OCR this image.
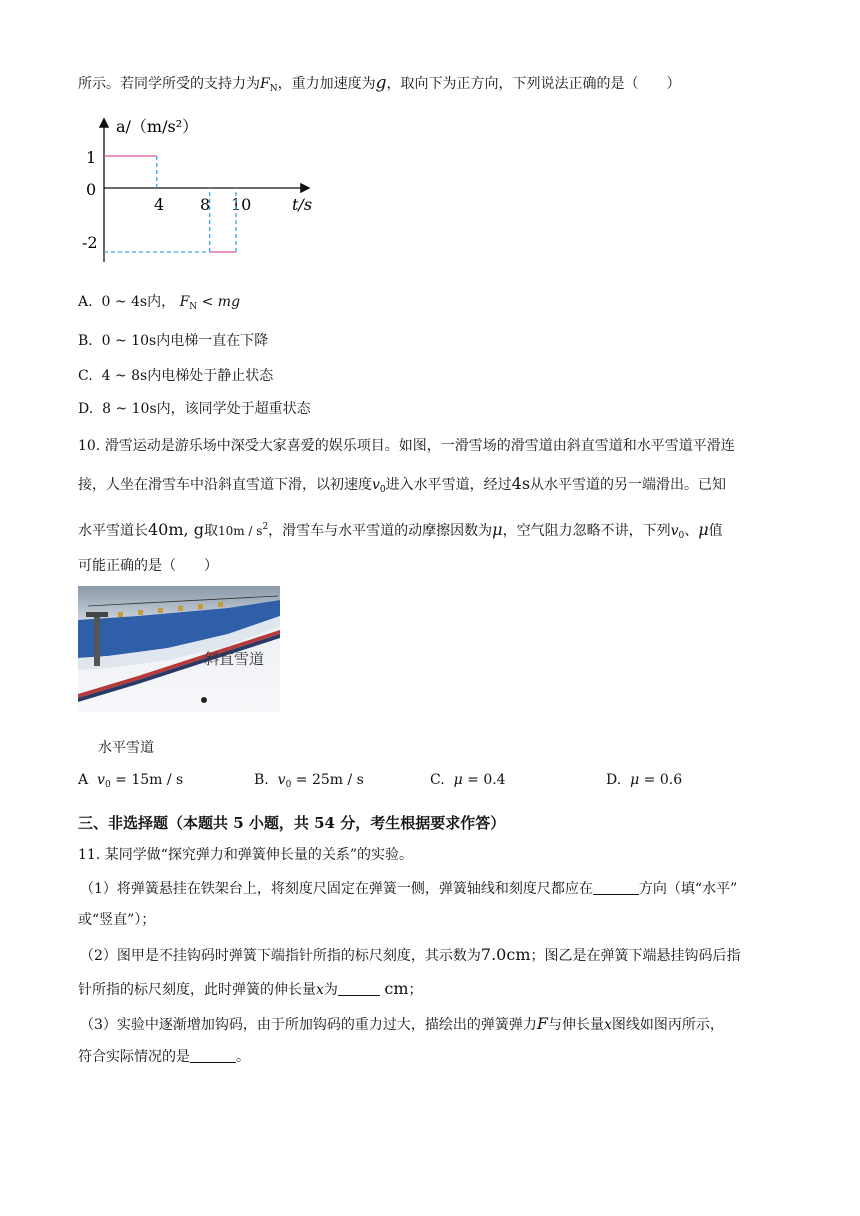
所示。若同学所受的支持力为$F_N$，重力加速度为g，取向下为正方向，下列说法正确的是（　　）
a/（m/s²）
t/s
1
0
-2
4 8 10
A. 0 ~ 4s内， $F_N$ < mg
B. 0 ~ 10s内电梯一直在下降
C. 4 ~ 8s内电梯处于静止状态
D. 8 ~ 10s内，该同学处于超重状态
10. 滑雪运动是游乐场中深受大家喜爱的娱乐项目。如图，一滑雪场的滑雪道由斜直雪道和水平雪道平滑连
接，人坐在滑雪车中沿斜直雪道下滑，以初速度$v_0$进入水平雪道，经过4s从水平雪道的另一端滑出。已知
水平雪道长40m, g取$10m / s^2$，滑雪车与水平雪道的动摩擦因数为μ，空气阻力忽略不讲，下列$v_0$、μ值
可能正确的是（　　）
斜直雪道
水平雪道
A $v_0 = 15m / s$	B. $v_0 = 25m / s$	C. μ = 0.4	D. μ = 0.6
三、非选择题（本题共 5 小题，共 54 分，考生根据要求作答）
11. 某同学做“探究弹力和弹簧伸长量的关系”的实验。
（1）将弹簧悬挂在铁架台上，将刻度尺固定在弹簧一侧，弹簧轴线和刻度尺都应在	方向（填“水平”
或“竖直”）；
（2）图甲是不挂钩码时弹簧下端指针所指的标尺刻度，其示数为7.0cm；图乙是在弹簧下端悬挂钩码后指
针所指的标尺刻度，此时弹簧的伸长量x为	cm；
（3）实验中逐渐增加钩码，由于所加钩码的重力过大，描绘出的弹簧弹力F与伸长量x图线如图丙所示，
符合实际情况的是	。
